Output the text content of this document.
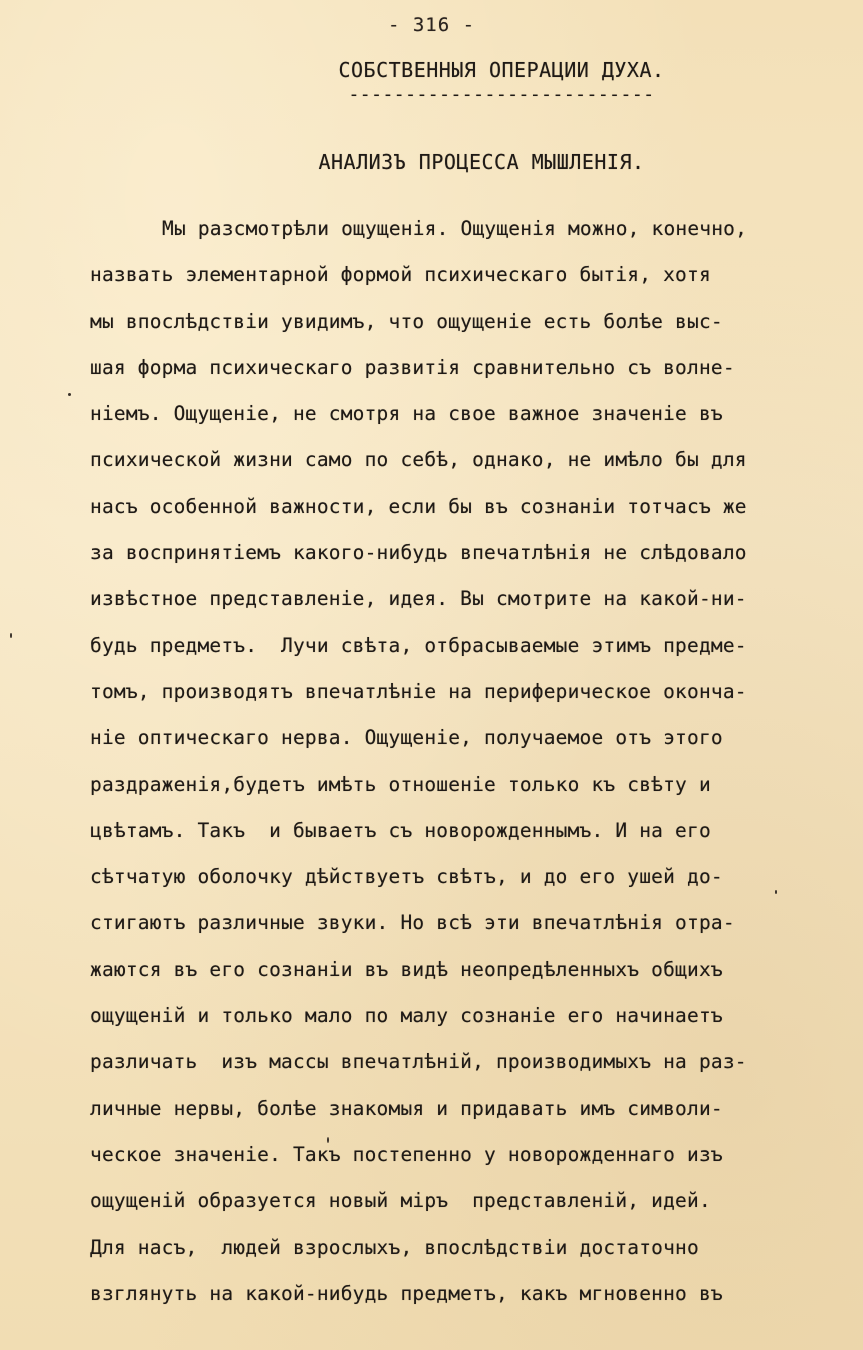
- 316 -
СОБСТВЕННЫЯ ОПЕРАЦИИ ДУХА.
---------------------------
АНАЛИЗЪ ПРОЦЕССА МЫШЛЕНІЯ.
Мы разсмотрѣли ощущенія. Ощущенія можно, конечно,
назвать элементарной формой психическаго бытія, хотя
мы впослѣдствіи увидимъ, что ощущеніе есть болѣе выс-
шая форма психическаго развитія сравнительно съ волне-
ніемъ. Ощущеніе, не смотря на свое важное значеніе въ
психической жизни само по себѣ, однако, не имѣло бы для
насъ особенной важности, если бы въ сознаніи тотчасъ же
за воспринятіемъ какого-нибудь впечатлѣнія не слѣдовало
извѣстное представленіе, идея. Вы смотрите на какой-ни-
будь предметъ.  Лучи свѣта, отбрасываемые этимъ предме-
томъ, производятъ впечатлѣніе на периферическое оконча-
ніе оптическаго нерва. Ощущеніе, получаемое отъ этого
раздраженія,будетъ имѣть отношеніе только къ свѣту и
цвѣтамъ. Такъ  и бываетъ съ новорожденнымъ. И на его
сѣтчатую оболочку дѣйствуетъ свѣтъ, и до его ушей до-
стигаютъ различные звуки. Но всѣ эти впечатлѣнія отра-
жаются въ его сознаніи въ видѣ неопредѣленныхъ общихъ
ощущеній и только мало по малу сознаніе его начинаетъ
различать  изъ массы впечатлѣній, производимыхъ на раз-
личные нервы, болѣе знакомыя и придавать имъ символи-
ческое значеніе. Такъ постепенно у новорожденнаго изъ
ощущеній образуется новый міръ  представленій, идей.
Для насъ,  людей взрослыхъ, впослѣдствіи достаточно
взглянуть на какой-нибудь предметъ, какъ мгновенно въ
